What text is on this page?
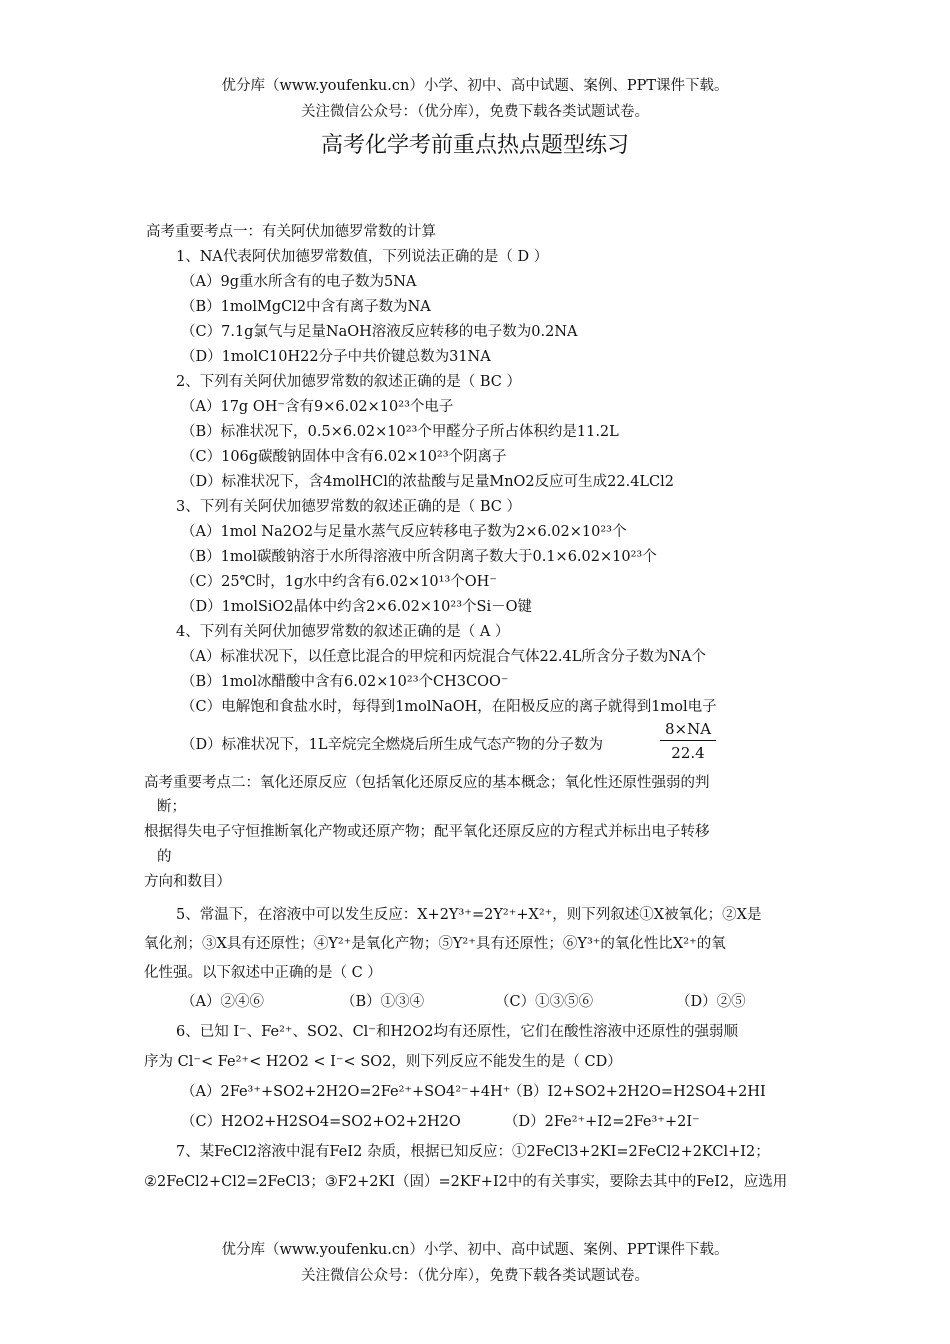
优分库（www.youfenku.cn）小学、初中、高中试题、案例、PPT课件下载。
关注微信公众号：（优分库），免费下载各类试题试卷。
高考化学考前重点热点题型练习
高考重要考点一：有关阿伏加德罗常数的计算
1、NA代表阿伏加德罗常数值，下列说法正确的是（ D ）
（A）9g重水所含有的电子数为5NA
（B）1molMgCl2中含有离子数为NA
（C）7.1g氯气与足量NaOH溶液反应转移的电子数为0.2NA
（D）1molC10H22分子中共价键总数为31NA
2、下列有关阿伏加德罗常数的叙述正确的是（ BC ）
（A）17g OH⁻含有9×6.02×10²³个电子
（B）标准状况下，0.5×6.02×10²³个甲醛分子所占体积约是11.2L
（C）106g碳酸钠固体中含有6.02×10²³个阴离子
（D）标准状况下，含4molHCl的浓盐酸与足量MnO2反应可生成22.4LCl2
3、下列有关阿伏加德罗常数的叙述正确的是（ BC ）
（A）1mol Na2O2与足量水蒸气反应转移电子数为2×6.02×10²³个
（B）1mol碳酸钠溶于水所得溶液中所含阴离子数大于0.1×6.02×10²³个
（C）25℃时，1g水中约含有6.02×10¹³个OH⁻
（D）1molSiO2晶体中约含2×6.02×10²³个Si－O键
4、下列有关阿伏加德罗常数的叙述正确的是（ A ）
（A）标准状况下，以任意比混合的甲烷和丙烷混合气体22.4L所含分子数为NA个
（B）1mol冰醋酸中含有6.02×10²³个CH3COO⁻
（C）电解饱和食盐水时，每得到1molNaOH，在阳极反应的离子就得到1mol电子
（D）标准状况下，1L辛烷完全燃烧后所生成气态产物的分子数为
高考重要考点二：氧化还原反应（包括氧化还原反应的基本概念；氧化性还原性强弱的判
断；
根据得失电子守恒推断氧化产物或还原产物；配平氧化还原反应的方程式并标出电子转移
的
方向和数目）
5、常温下，在溶液中可以发生反应：X+2Y³⁺=2Y²⁺+X²⁺，则下列叙述①X被氧化；②X是
氧化剂；③X具有还原性；④Y²⁺是氧化产物；⑤Y²⁺具有还原性；⑥Y³⁺的氧化性比X²⁺的氧
化性强。以下叙述中正确的是（ C ）
（A）②④⑥	（B）①③④	（C）①③⑤⑥	（D）②⑤
6、已知 I⁻、Fe²⁺、SO2、Cl⁻和H2O2均有还原性，它们在酸性溶液中还原性的强弱顺
序为 Cl⁻< Fe²⁺< H2O2 < I⁻< SO2，则下列反应不能发生的是（ CD）
（A）2Fe³⁺+SO2+2H2O=2Fe²⁺+SO4²⁻+4H⁺
（B）I2+SO2+2H2O=H2SO4+2HI
（C）H2O2+H2SO4=SO2+O2+2H2O	（D）2Fe²⁺+I2=2Fe³⁺+2I⁻
7、某FeCl2溶液中混有FeI2 杂质，根据已知反应：①2FeCl3+2KI=2FeCl2+2KCl+I2；
②2FeCl2+Cl2=2FeCl3；③F2+2KI（固）=2KF+I2中的有关事实，要除去其中的FeI2，应选用
$\frac{8\times NA}{22.4}$
优分库（www.youfenku.cn）小学、初中、高中试题、案例、PPT课件下载。
关注微信公众号：（优分库），免费下载各类试题试卷。
